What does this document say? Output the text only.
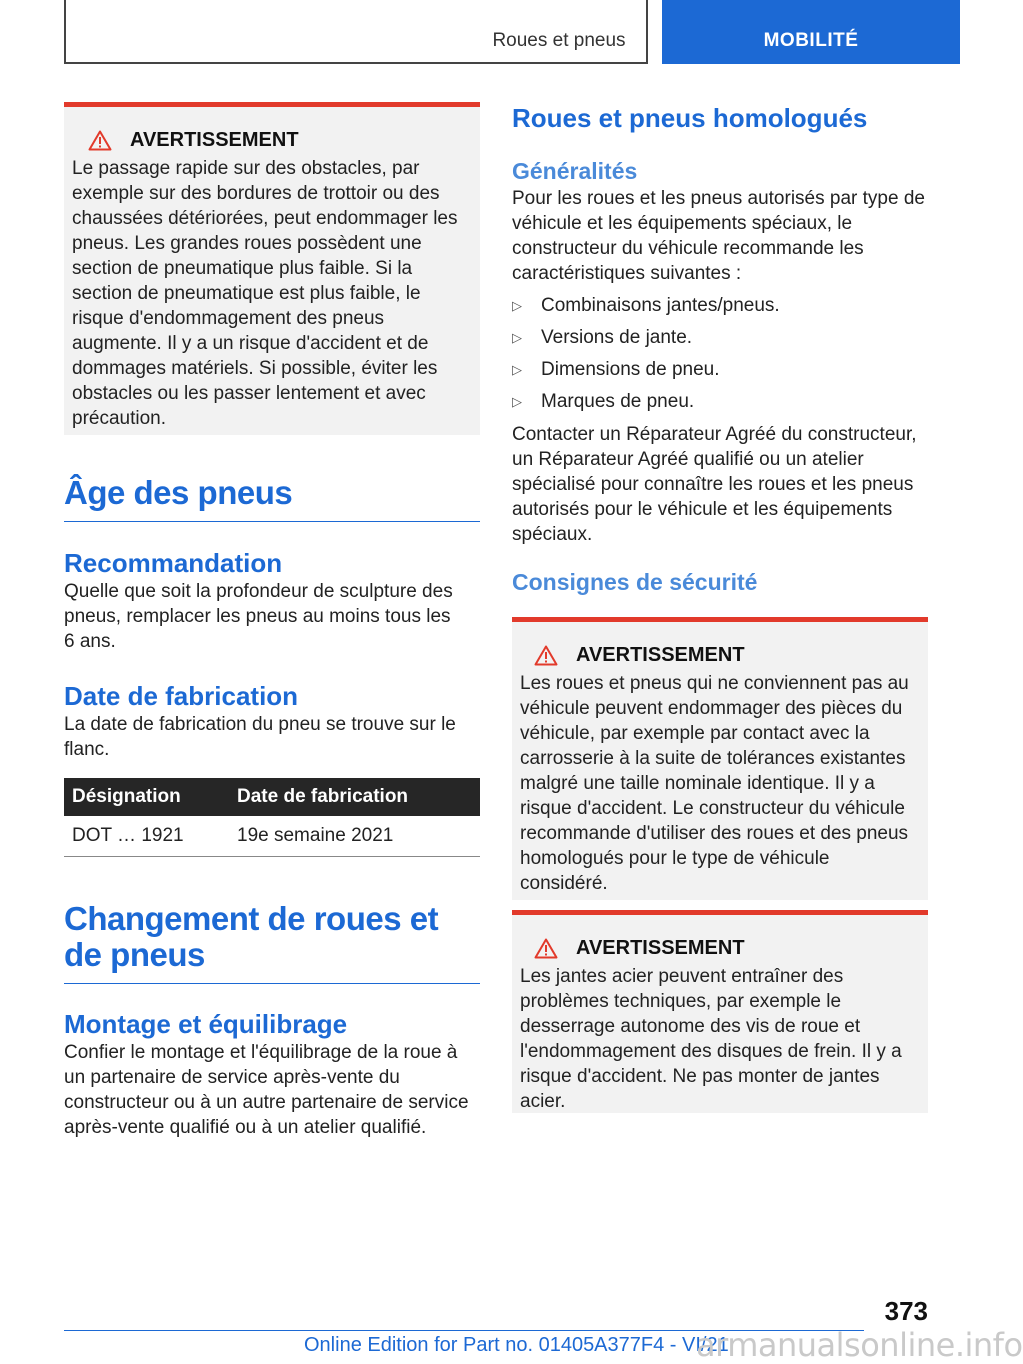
Roues et pneus	MOBILITÉ
AVERTISSEMENT
Le passage rapide sur des obstacles, par exemple sur des bordures de trottoir ou des chaussées détériorées, peut endommager les pneus. Les grandes roues possèdent une section de pneumatique plus faible. Si la section de pneumatique est plus faible, le risque d'endommagement des pneus augmente. Il y a un risque d'accident et de dommages matériels. Si possible, éviter les obstacles ou les passer lentement et avec précaution.
Âge des pneus
Recommandation

Quelle que soit la profondeur de sculpture des pneus, remplacer les pneus au moins tous les 6 ans.

Date de fabrication

La date de fabrication du pneu se trouve sur le flanc.

Désignation	Date de fabrication
DOT … 1921	19e semaine 2021
Changement de roues et de pneus
Montage et équilibrage

Confier le montage et l'équilibrage de la roue à un partenaire de service après-vente du constructeur ou à un autre partenaire de service après-vente qualifié ou à un atelier qualifié.

Roues et pneus homologués
Généralités

Pour les roues et les pneus autorisés par type de véhicule et les équipements spéciaux, le constructeur du véhicule recommande les caractéristiques suivantes :

▷	Combinaisons jantes/pneus.
▷	Versions de jante.
▷	Dimensions de pneu.
▷	Marques de pneu.

Contacter un Réparateur Agréé du constructeur, un Réparateur Agréé qualifié ou un atelier spécialisé pour connaître les roues et les pneus autorisés pour le véhicule et les équipements spéciaux.

Consignes de sécurité
AVERTISSEMENT
Les roues et pneus qui ne conviennent pas au véhicule peuvent endommager des pièces du véhicule, par exemple par contact avec la carrosserie à la suite de tolérances existantes malgré une taille nominale identique. Il y a risque d'accident. Le constructeur du véhicule recommande d'utiliser des roues et des pneus homologués pour le type de véhicule considéré.
AVERTISSEMENT
Les jantes acier peuvent entraîner des problèmes techniques, par exemple le desserrage autonome des vis de roue et l'endommagement des disques de frein. Il y a risque d'accident. Ne pas monter de jantes acier.
373
Online Edition for Part no. 01405A377F4 - VI/21
armanualsonline.info
